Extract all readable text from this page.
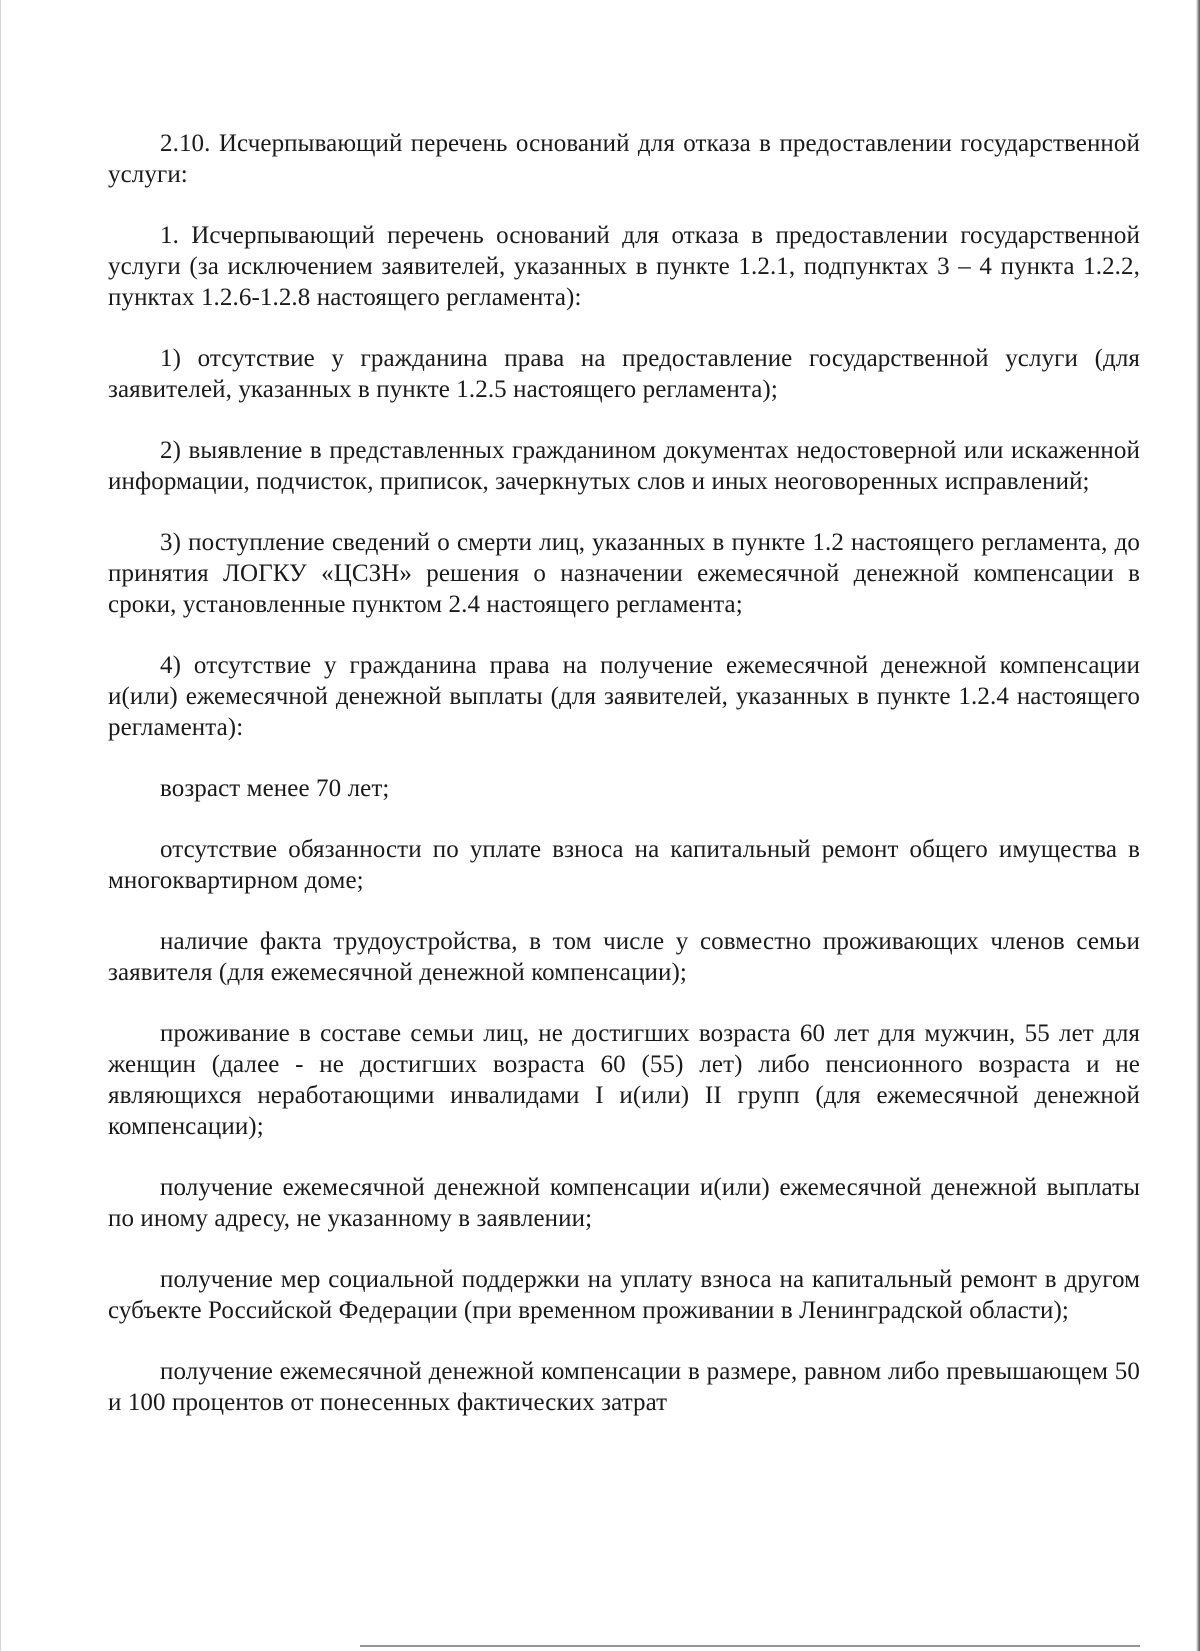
2.10. Исчерпывающий перечень оснований для отказа в предоставлении государственной услуги:

1. Исчерпывающий перечень оснований для отказа в предоставлении государственной услуги (за исключением заявителей, указанных в пункте 1.2.1, подпунктах 3 – 4 пункта 1.2.2, пунктах 1.2.6-1.2.8 настоящего регламента):

1) отсутствие у гражданина права на предоставление государственной услуги (для заявителей, указанных в пункте 1.2.5 настоящего регламента);

2) выявление в представленных гражданином документах недостоверной или искаженной информации, подчисток, приписок, зачеркнутых слов и иных неоговоренных исправлений;

3) поступление сведений о смерти лиц, указанных в пункте 1.2 настоящего регламента, до принятия ЛОГКУ «ЦСЗН» решения о назначении ежемесячной денежной компенсации в сроки, установленные пунктом 2.4 настоящего регламента;

4) отсутствие у гражданина права на получение ежемесячной денежной компенсации и(или) ежемесячной денежной выплаты (для заявителей, указанных в пункте 1.2.4 настоящего регламента):

возраст менее 70 лет;

отсутствие обязанности по уплате взноса на капитальный ремонт общего имущества в многоквартирном доме;

наличие факта трудоустройства, в том числе у совместно проживающих членов семьи заявителя (для ежемесячной денежной компенсации);

проживание в составе семьи лиц, не достигших возраста 60 лет для мужчин, 55 лет для женщин (далее - не достигших возраста 60 (55) лет) либо пенсионного возраста и не являющихся неработающими инвалидами I и(или) II групп (для ежемесячной денежной компенсации);

получение ежемесячной денежной компенсации и(или) ежемесячной денежной выплаты по иному адресу, не указанному в заявлении;

получение мер социальной поддержки на уплату взноса на капитальный ремонт в другом субъекте Российской Федерации (при временном проживании в Ленинградской области);

получение ежемесячной денежной компенсации в размере, равном либо превышающем 50 и 100 процентов от понесенных фактических затрат
